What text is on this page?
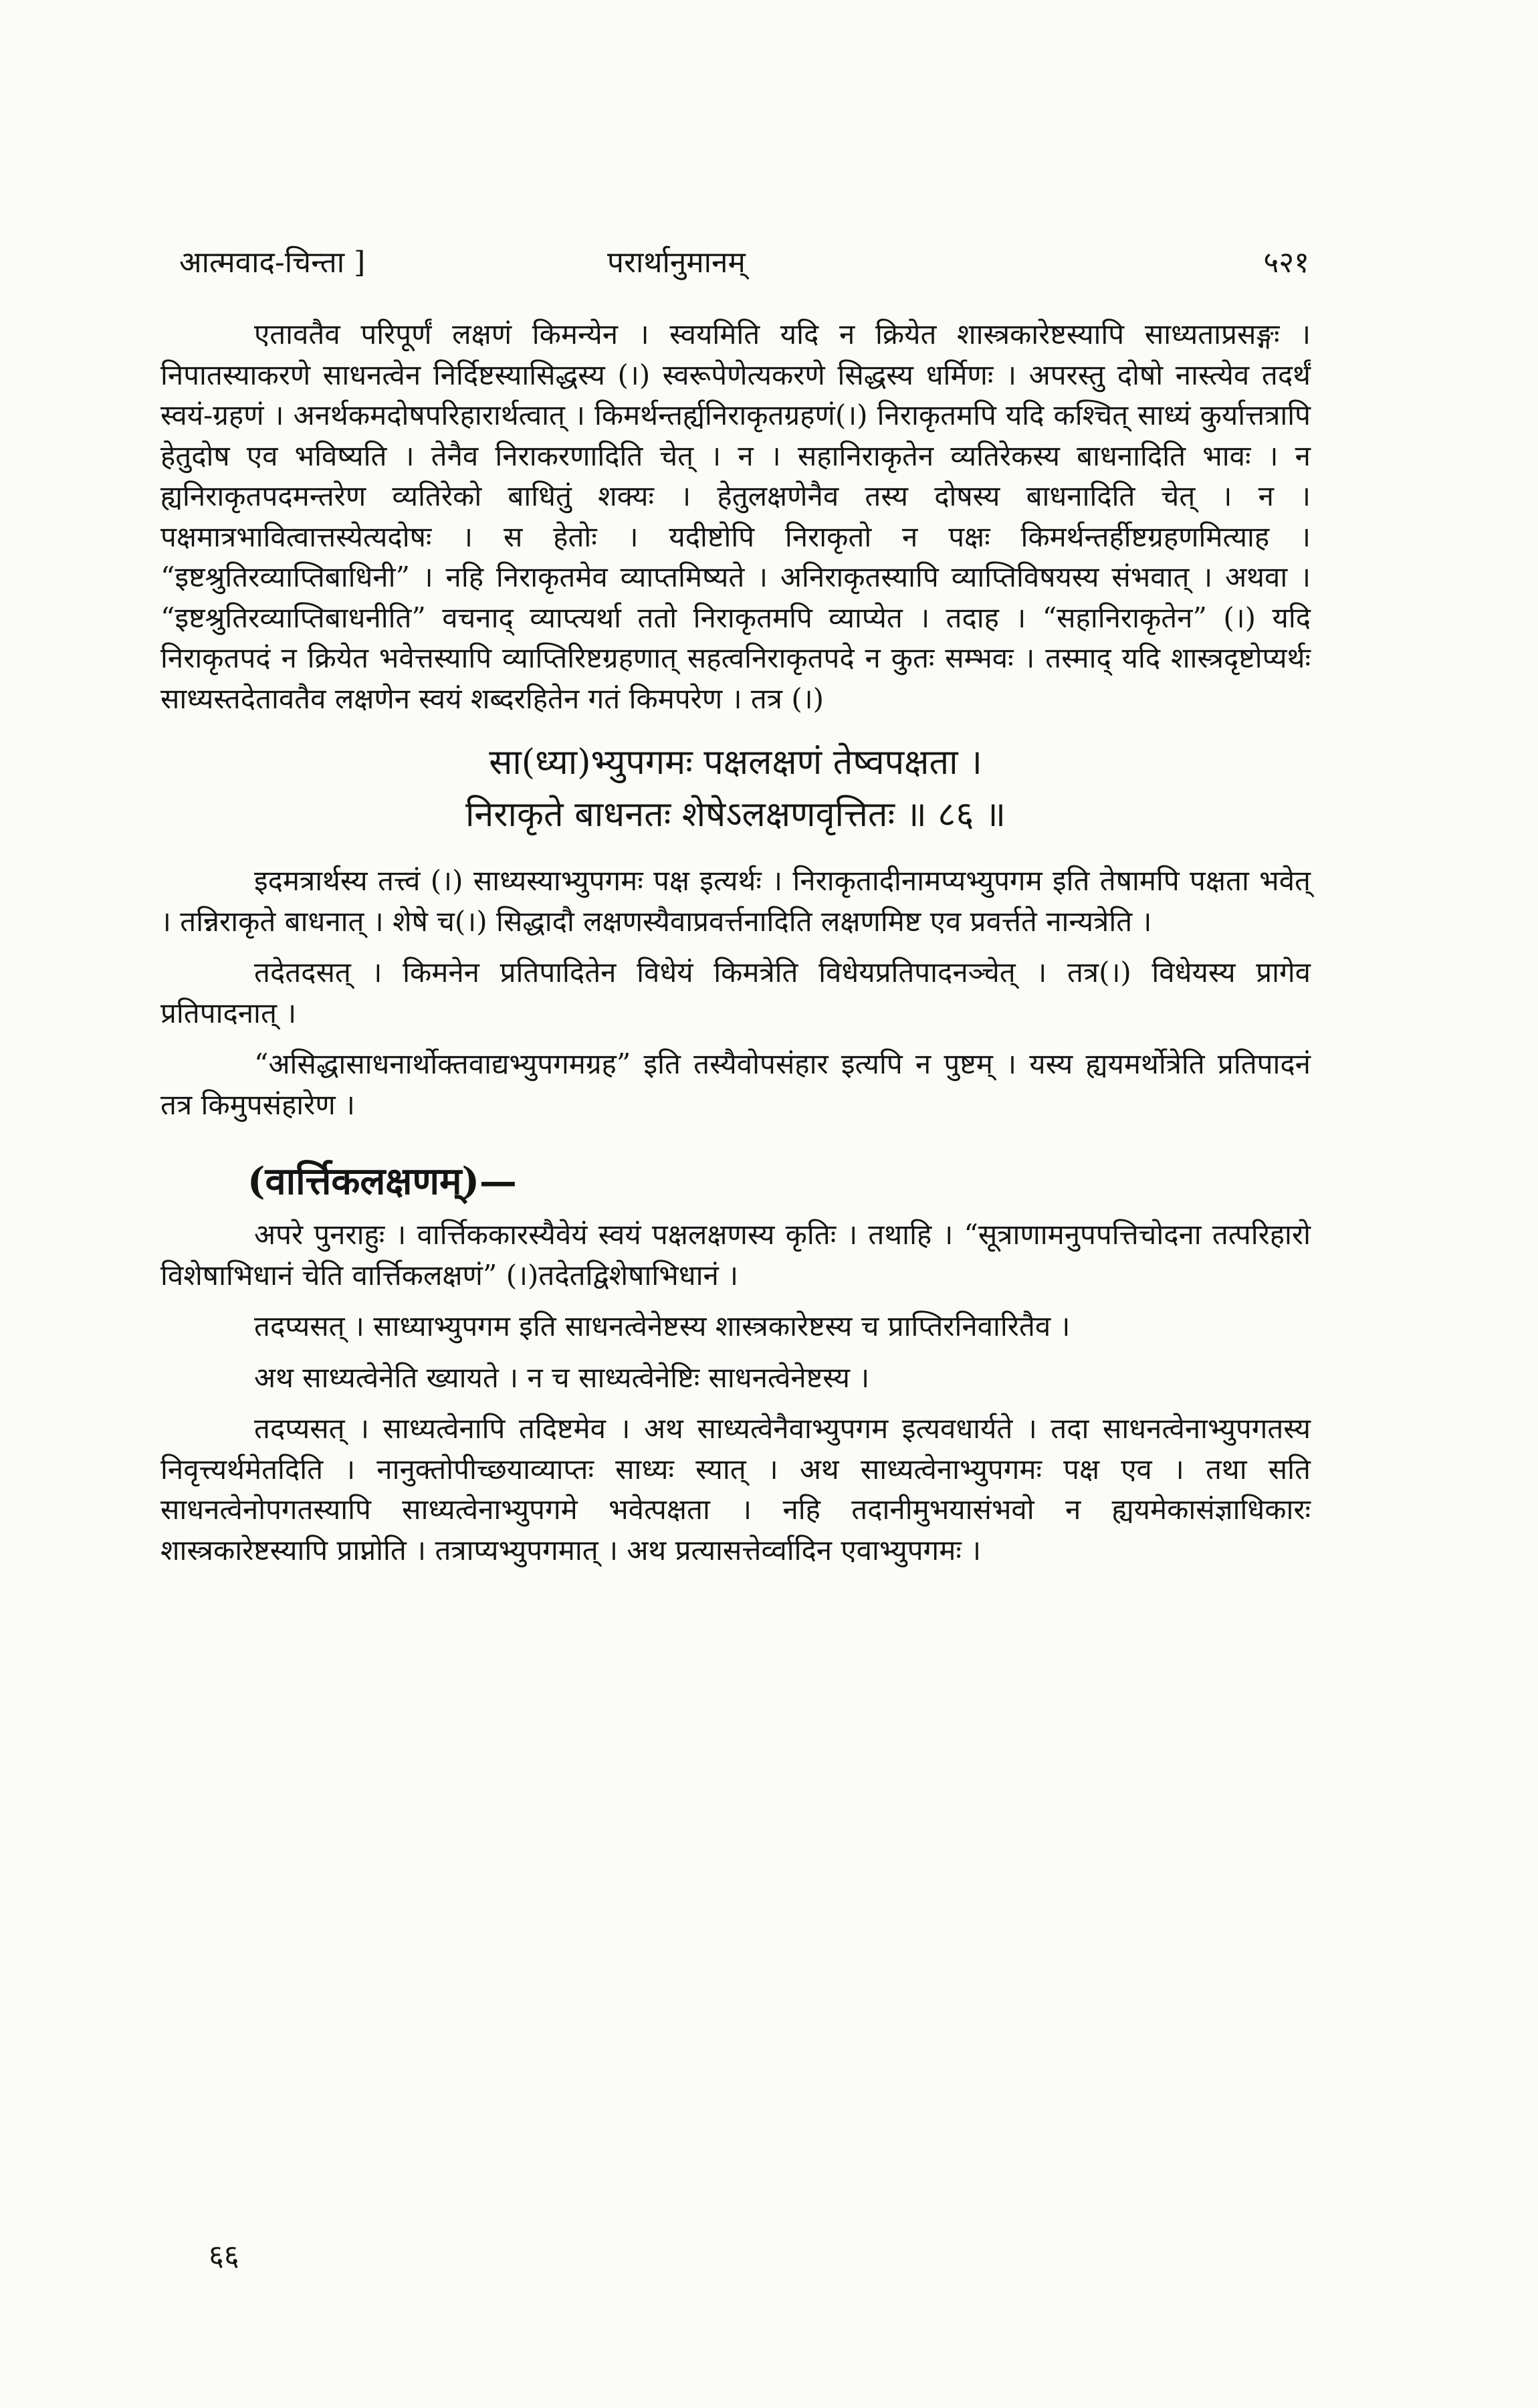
आत्मवाद-चिन्ता ]	परार्थानुमानम्	५२१

एतावतैव परिपूर्णं लक्षणं किमन्येन । स्वयमिति यदि न क्रियेत शास्त्रकारेष्टस्यापि साध्यताप्रसङ्गः । निपातस्याकरणे साधनत्वेन निर्दिष्टस्यासिद्धस्य (।) स्वरूपेणेत्यकरणे सिद्धस्य धर्मिणः । अपरस्तु दोषो नास्त्येव तदर्थं स्वयं-ग्रहणं । अनर्थकमदोषपरिहारार्थत्वात् । किमर्थन्तर्ह्यनिराकृतग्रहणं(।) निराकृतमपि यदि कश्चित् साध्यं कुर्यात्तत्रापि हेतुदोष एव भविष्यति । तेनैव निराकरणादिति चेत् । न । सहानिराकृतेन व्यतिरेकस्य बाधनादिति भावः । न ह्यनिराकृतपदमन्तरेण व्यतिरेको बाधितुं शक्यः । हेतुलक्षणेनैव तस्य दोषस्य बाधनादिति चेत् । न । पक्षमात्रभावित्वात्तस्येत्यदोषः । स हेतोः । यदीष्टोपि निराकृतो न पक्षः किमर्थन्तर्हीष्टग्रहणमित्याह । “इष्टश्रुतिरव्याप्तिबाधिनी” । नहि निराकृतमेव व्याप्तमिष्यते । अनिराकृतस्यापि व्याप्तिविषयस्य संभवात् । अथवा । “इष्टश्रुतिरव्याप्तिबाधनीति” वचनाद् व्याप्त्यर्था ततो निराकृतमपि व्याप्येत । तदाह । “सहानिराकृतेन” (।) यदि निराकृतपदं न क्रियेत भवेत्तस्यापि व्याप्तिरिष्टग्रहणात् सहत्वनिराकृतपदे न कुतः सम्भवः । तस्माद् यदि शास्त्रदृष्टोप्यर्थः साध्यस्तदेतावतैव लक्षणेन स्वयं शब्दरहितेन गतं किमपरेण । तत्र (।)

सा(ध्या)भ्युपगमः पक्षलक्षणं तेष्वपक्षता ।
निराकृते बाधनतः शेषेऽलक्षणवृत्तितः ॥ ८६ ॥

इदमत्रार्थस्य तत्त्वं (।) साध्यस्याभ्युपगमः पक्ष इत्यर्थः । निराकृतादीनामप्यभ्युपगम इति तेषामपि पक्षता भवेत् । तन्निराकृते बाधनात् । शेषे च(।) सिद्धादौ लक्षणस्यैवाप्रवर्त्तनादिति लक्षणमिष्ट एव प्रवर्त्तते नान्यत्रेति ।

तदेतदसत् । किमनेन प्रतिपादितेन विधेयं किमत्रेति विधेयप्रतिपादनञ्चेत् । तत्र(।) विधेयस्य प्रागेव प्रतिपादनात् ।

“असिद्धासाधनार्थोक्तवाद्यभ्युपगमग्रह” इति तस्यैवोपसंहार इत्यपि न पुष्टम् । यस्य ह्ययमर्थोत्रेति प्रतिपादनं तत्र किमुपसंहारेण ।

(वार्त्तिकलक्षणम्)—

अपरे पुनराहुः । वार्त्तिककारस्यैवेयं स्वयं पक्षलक्षणस्य कृतिः । तथाहि । “सूत्राणामनुपपत्तिचोदना तत्परिहारो विशेषाभिधानं चेति वार्त्तिकलक्षणं” (।)तदेतद्विशेषाभिधानं ।

तदप्यसत् । साध्याभ्युपगम इति साधनत्वेनेष्टस्य शास्त्रकारेष्टस्य च प्राप्तिरनिवारितैव ।

अथ साध्यत्वेनेति ख्यायते । न च साध्यत्वेनेष्टिः साधनत्वेनेष्टस्य ।

तदप्यसत् । साध्यत्वेनापि तदिष्टमेव । अथ साध्यत्वेनैवाभ्युपगम इत्यवधार्यते । तदा साधनत्वेनाभ्युपगतस्य निवृत्त्यर्थमेतदिति । नानुक्तोपीच्छयाव्याप्तः साध्यः स्यात् । अथ साध्यत्वेनाभ्युपगमः पक्ष एव । तथा सति साधनत्वेनोपगतस्यापि साध्यत्वेनाभ्युपगमे भवेत्पक्षता । नहि तदानीमुभयासंभवो न ह्ययमेकासंज्ञाधिकारः शास्त्रकारेष्टस्यापि प्राप्नोति । तत्राप्यभ्युपगमात् । अथ प्रत्यासत्तेर्व्वादिन एवाभ्युपगमः ।

६६
